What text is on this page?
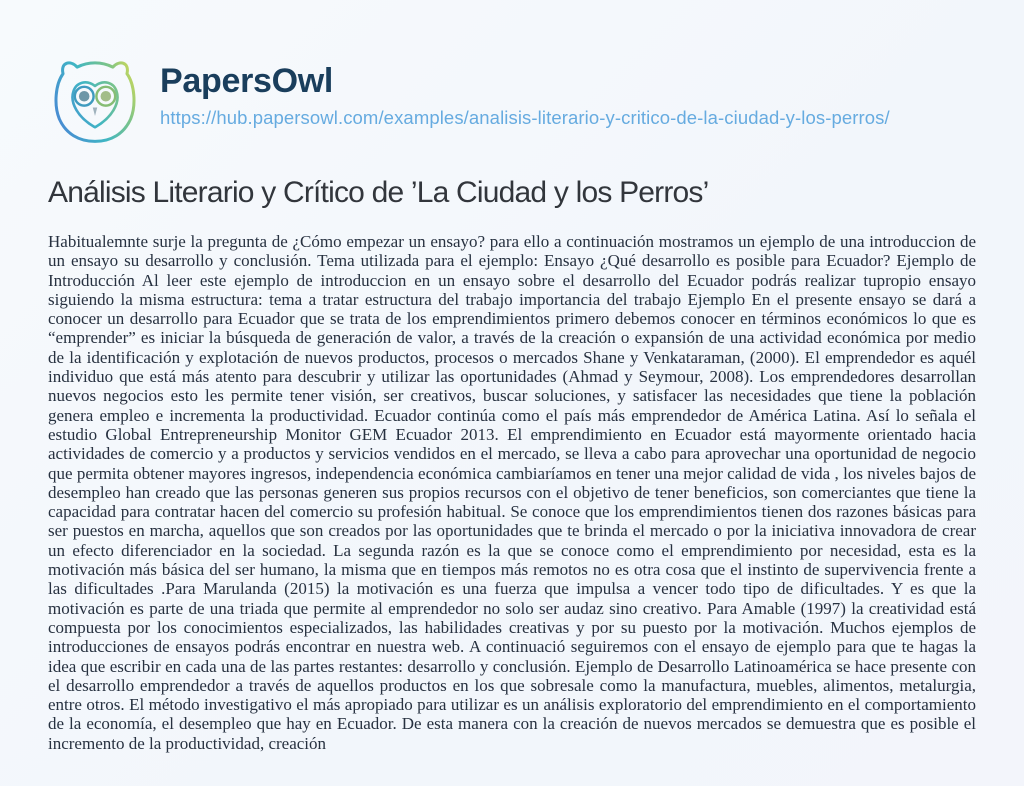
PapersOwl
https://hub.papersowl.com/examples/analisis-literario-y-critico-de-la-ciudad-y-los-perros/
Análisis Literario y Crítico de ’La Ciudad y los Perros’

Habitualemnte surje la pregunta de ¿Cómo empezar un ensayo? para ello a continuación mostramos un ejemplo de una introduccion de un ensayo su desarrollo y conclusión. Tema utilizada para el ejemplo: Ensayo ¿Qué desarrollo es posible para Ecuador? Ejemplo de Introducción Al leer este ejemplo de introduccion en un ensayo sobre el desarrollo del Ecuador podrás realizar tupropio ensayo siguiendo la misma estructura: tema a tratar estructura del trabajo importancia del trabajo Ejemplo En el presente ensayo se dará a conocer un desarrollo para Ecuador que se trata de los emprendimientos primero debemos conocer en términos económicos lo que es “emprender” es iniciar la búsqueda de generación de valor, a través de la creación o expansión de una actividad económica por medio de la identificación y explotación de nuevos productos, procesos o mercados Shane y Venkataraman, (2000). El emprendedor es aquél individuo que está más atento para descubrir y utilizar las oportunidades (Ahmad y Seymour, 2008). Los emprendedores desarrollan nuevos negocios esto les permite tener visión, ser creativos, buscar soluciones, y satisfacer las necesidades que tiene la población genera empleo e incrementa la productividad. Ecuador continúa como el país más emprendedor de América Latina. Así lo señala el estudio Global Entrepreneurship Monitor GEM Ecuador 2013. El emprendimiento en Ecuador está mayormente orientado hacia actividades de comercio y a productos y servicios vendidos en el mercado, se lleva a cabo para aprovechar una oportunidad de negocio que permita obtener mayores ingresos, independencia económica cambiaríamos en tener una mejor calidad de vida , los niveles bajos de desempleo han creado que las personas generen sus propios recursos con el objetivo de tener beneficios, son comerciantes que tiene la capacidad para contratar hacen del comercio su profesión habitual. Se conoce que los emprendimientos tienen dos razones básicas para ser puestos en marcha, aquellos que son creados por las oportunidades que te brinda el mercado o por la iniciativa innovadora de crear un efecto diferenciador en la sociedad. La segunda razón es la que se conoce como el emprendimiento por necesidad, esta es la motivación más básica del ser humano, la misma que en tiempos más remotos no es otra cosa que el instinto de supervivencia frente a las dificultades .Para Marulanda (2015) la motivación es una fuerza que impulsa a vencer todo tipo de dificultades. Y es que la motivación es parte de una triada que permite al emprendedor no solo ser audaz sino creativo. Para Amable (1997) la creatividad está compuesta por los conocimientos especializados, las habilidades creativas y por su puesto por la motivación. Muchos ejemplos de introducciones de ensayos podrás encontrar en nuestra web. A continuació seguiremos con el ensayo de ejemplo para que te hagas la idea que escribir en cada una de las partes restantes: desarrollo y conclusión. Ejemplo de Desarrollo Latinoamérica se hace presente con el desarrollo emprendedor a través de aquellos productos en los que sobresale como la manufactura, muebles, alimentos, metalurgia, entre otros. El método investigativo el más apropiado para utilizar es un análisis exploratorio del emprendimiento en el comportamiento de la economía, el desempleo que hay en Ecuador. De esta manera con la creación de nuevos mercados se demuestra que es posible el incremento de la productividad, creación
